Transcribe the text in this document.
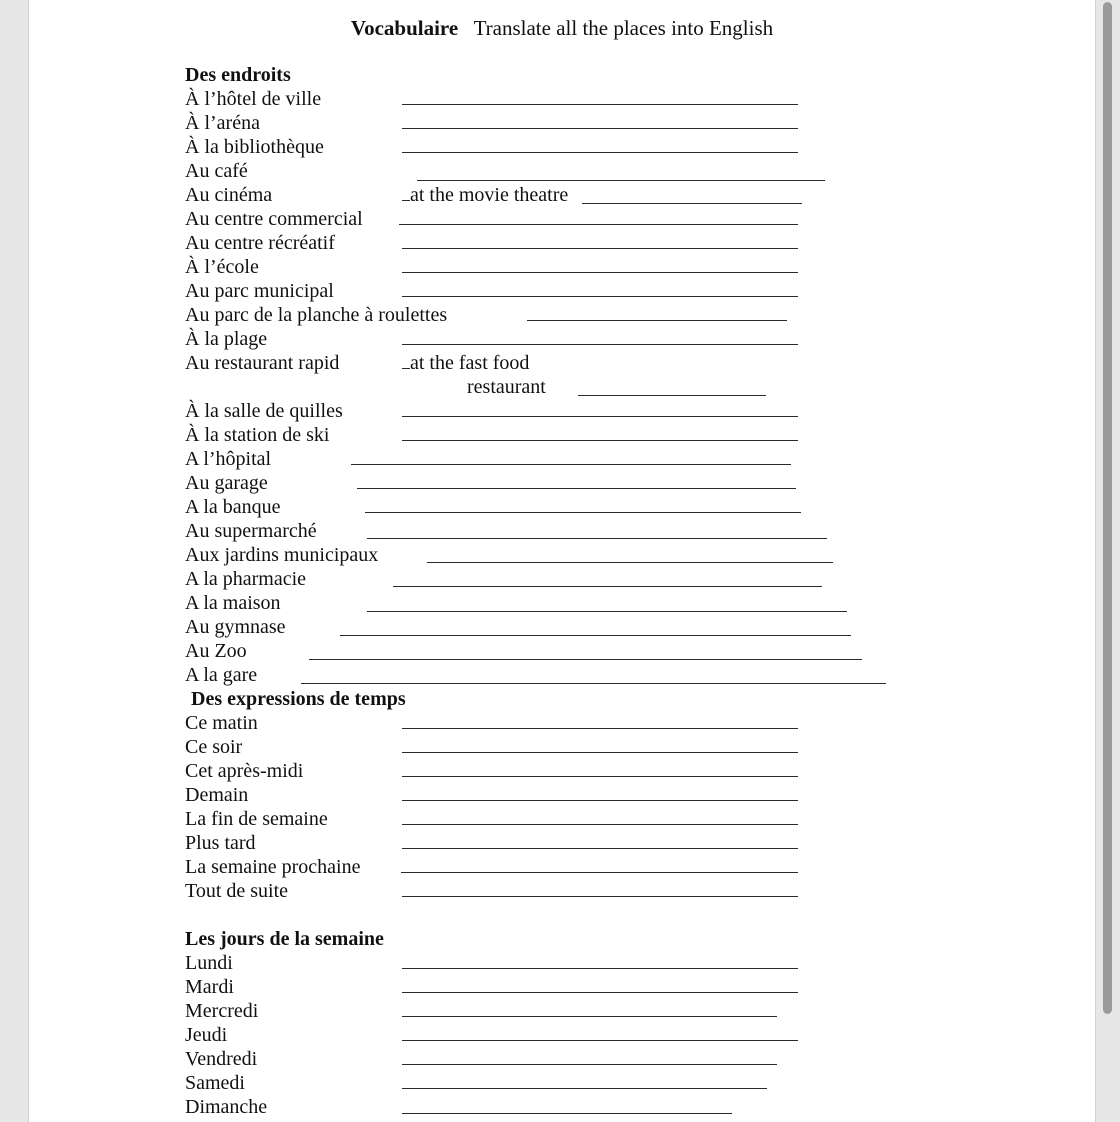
Vocabulaire Translate all the places into English
Des endroits
À l’hôtel de ville
À l’aréna
À la bibliothèque
Au café
Au cinéma	at the movie theatre
Au centre commercial
Au centre récréatif
À l’école
Au parc municipal
Au parc de la planche à roulettes
À la plage
Au restaurant rapid	at the fast food
restaurant
À la salle de quilles
À la station de ski
A l’hôpital
Au garage
A la banque
Au supermarché
Aux jardins municipaux
A la pharmacie
A la maison
Au gymnase
Au Zoo
A la gare
Des expressions de temps
Ce matin
Ce soir
Cet après-midi
Demain
La fin de semaine
Plus tard
La semaine prochaine
Tout de suite
Les jours de la semaine
Lundi
Mardi
Mercredi
Jeudi
Vendredi
Samedi
Dimanche
